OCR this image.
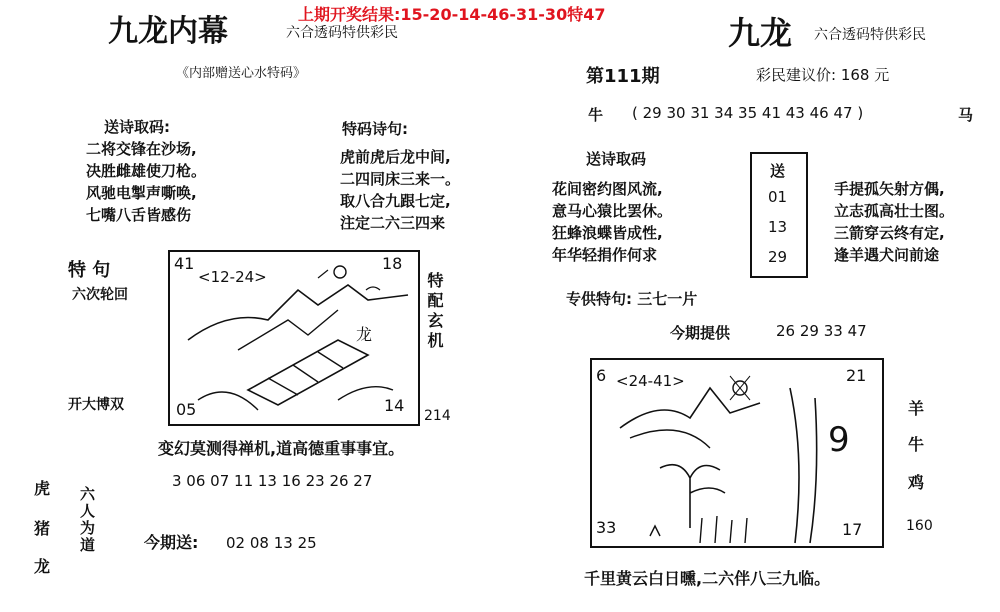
九龙内幕	六合透码特供彩民
上期开奖结果:15-20-14-46-31-30特47
《内部赠送心水特码》
送诗取码:
二将交锋在沙场,
决胜雌雄使刀枪。
风驰电掣声嘶唤,
七嘴八舌皆感伤
特码诗句:
虎前虎后龙中间,
二四同床三来一。
取八合九跟七定,
注定二六三四来
特 句
六次轮回
开大博双
41	18
05	14
<12-24>
龙	特配玄机
214
变幻莫测得禅机,道高德重事事宜。
3 06 07 11 13 16 23 26 27
虎
猪
龙
六人为道	今期送: 02 08 13 25
九龙 六合透码特供彩民
第111期	彩民建议价: 168 元
牛 ( 29 30 31 34 35 41 43 46 47 )	马
送诗取码
花间密约图风流,
意马心猿比罢休。
狂蜂浪蝶皆成性,
年华轻捐作何求
送
01
13
29
手提孤矢射方偶,
立志孤高壮士图。
三箭穿云终有定,
逢羊遇犬问前途
专供特句: 三七一片
今期提供	26 29 33 47
6 <24-41>	21
9
33	17
羊
牛
鸡
160
千里黄云白日曛,二六伴八三九临。
